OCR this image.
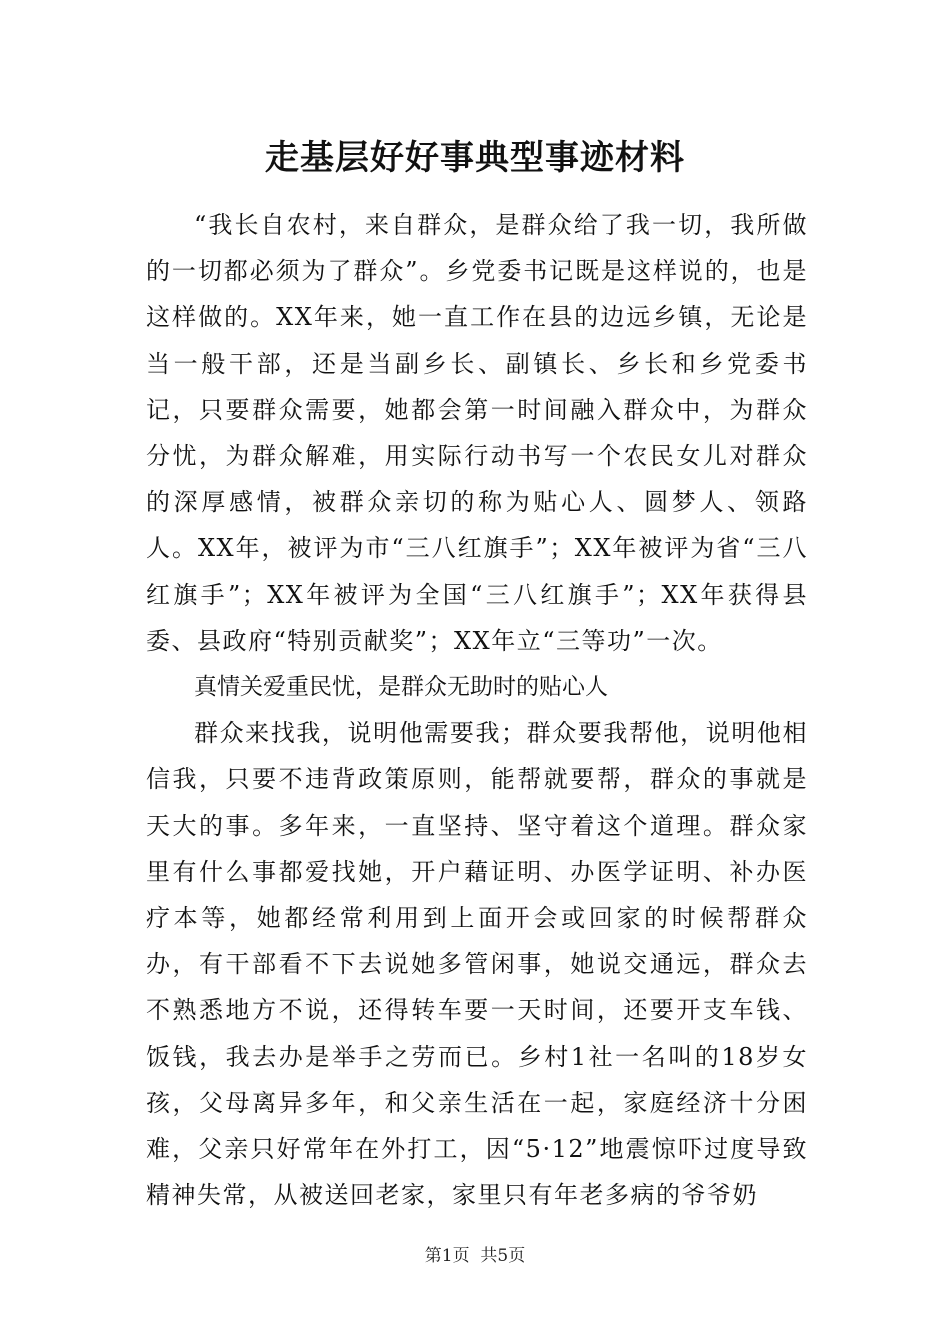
走基层好好事典型事迹材料

“我长自农村，来自群众，是群众给了我一切，我所做的一切都必须为了群众”。乡党委书记既是这样说的，也是这样做的。XX年来，她一直工作在县的边远乡镇，无论是当一般干部，还是当副乡长、副镇长、乡长和乡党委书记，只要群众需要，她都会第一时间融入群众中，为群众分忧，为群众解难，用实际行动书写一个农民女儿对群众的深厚感情，被群众亲切的称为贴心人、圆梦人、领路人。XX年，被评为市“三八红旗手”；XX年被评为省“三八红旗手”；XX年被评为全国“三八红旗手”；XX年获得县委、县政府“特别贡献奖”；XX年立“三等功”一次。

真情关爱重民忧，是群众无助时的贴心人

群众来找我，说明他需要我；群众要我帮他，说明他相信我，只要不违背政策原则，能帮就要帮，群众的事就是天大的事。多年来，一直坚持、坚守着这个道理。群众家里有什么事都爱找她，开户藉证明、办医学证明、补办医疗本等，她都经常利用到上面开会或回家的时候帮群众办，有干部看不下去说她多管闲事，她说交通远，群众去不熟悉地方不说，还得转车要一天时间，还要开支车钱、饭钱，我去办是举手之劳而已。乡村1社一名叫的18岁女孩，父母离异多年，和父亲生活在一起，家庭经济十分困难，父亲只好常年在外打工，因“5·12”地震惊吓过度导致精神失常，从被送回老家，家里只有年老多病的爷爷奶

第1页  共5页
